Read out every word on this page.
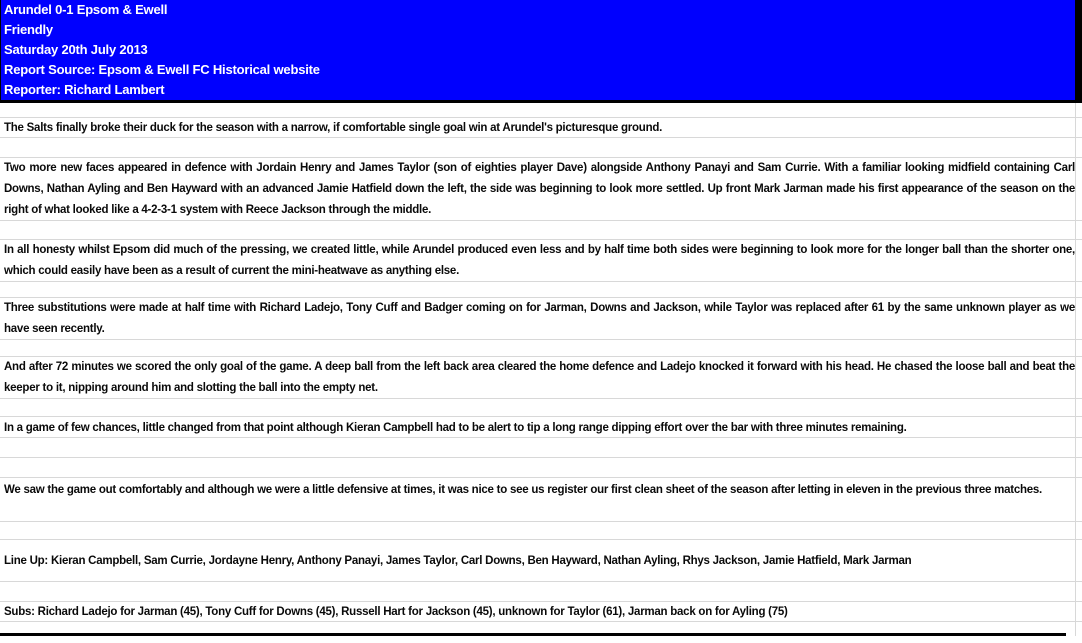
Arundel 0-1 Epsom & Ewell
Friendly
Saturday 20th July 2013
Report Source: Epsom & Ewell FC Historical website
Reporter: Richard Lambert
The Salts finally broke their duck for the season with a narrow, if comfortable single goal win at Arundel's picturesque ground.

Two more new faces appeared in defence with Jordain Henry and James Taylor (son of eighties player Dave) alongside Anthony Panayi and Sam Currie. With a familiar looking midfield containing Carl Downs, Nathan Ayling and Ben Hayward with an advanced Jamie Hatfield down the left, the side was beginning to look more settled. Up front Mark Jarman made his first appearance of the season on the right of what looked like a 4-2-3-1 system with Reece Jackson through the middle.

In all honesty whilst Epsom did much of the pressing, we created little, while Arundel produced even less and by half time both sides were beginning to look more for the longer ball than the shorter one, which could easily have been as a result of current the mini-heatwave as anything else.

Three substitutions were made at half time with Richard Ladejo, Tony Cuff and Badger coming on for Jarman, Downs and Jackson, while Taylor was replaced after 61 by the same unknown player as we have seen recently.

And after 72 minutes we scored the only goal of the game. A deep ball from the left back area cleared the home defence and Ladejo knocked it forward with his head. He chased the loose ball and beat the keeper to it, nipping around him and slotting the ball into the empty net.

In a game of few chances, little changed from that point although Kieran Campbell had to be alert to tip a long range dipping effort over the bar with three minutes remaining.

We saw the game out comfortably and although we were a little defensive at times, it was nice to see us register our first clean sheet of the season after letting in eleven in the previous three matches.

Line Up: Kieran Campbell, Sam Currie, Jordayne Henry, Anthony Panayi, James Taylor, Carl Downs, Ben Hayward, Nathan Ayling, Rhys Jackson, Jamie Hatfield, Mark Jarman
Subs: Richard Ladejo for Jarman (45), Tony Cuff for Downs (45), Russell Hart for Jackson (45), unknown for Taylor (61), Jarman back on for Ayling (75)
